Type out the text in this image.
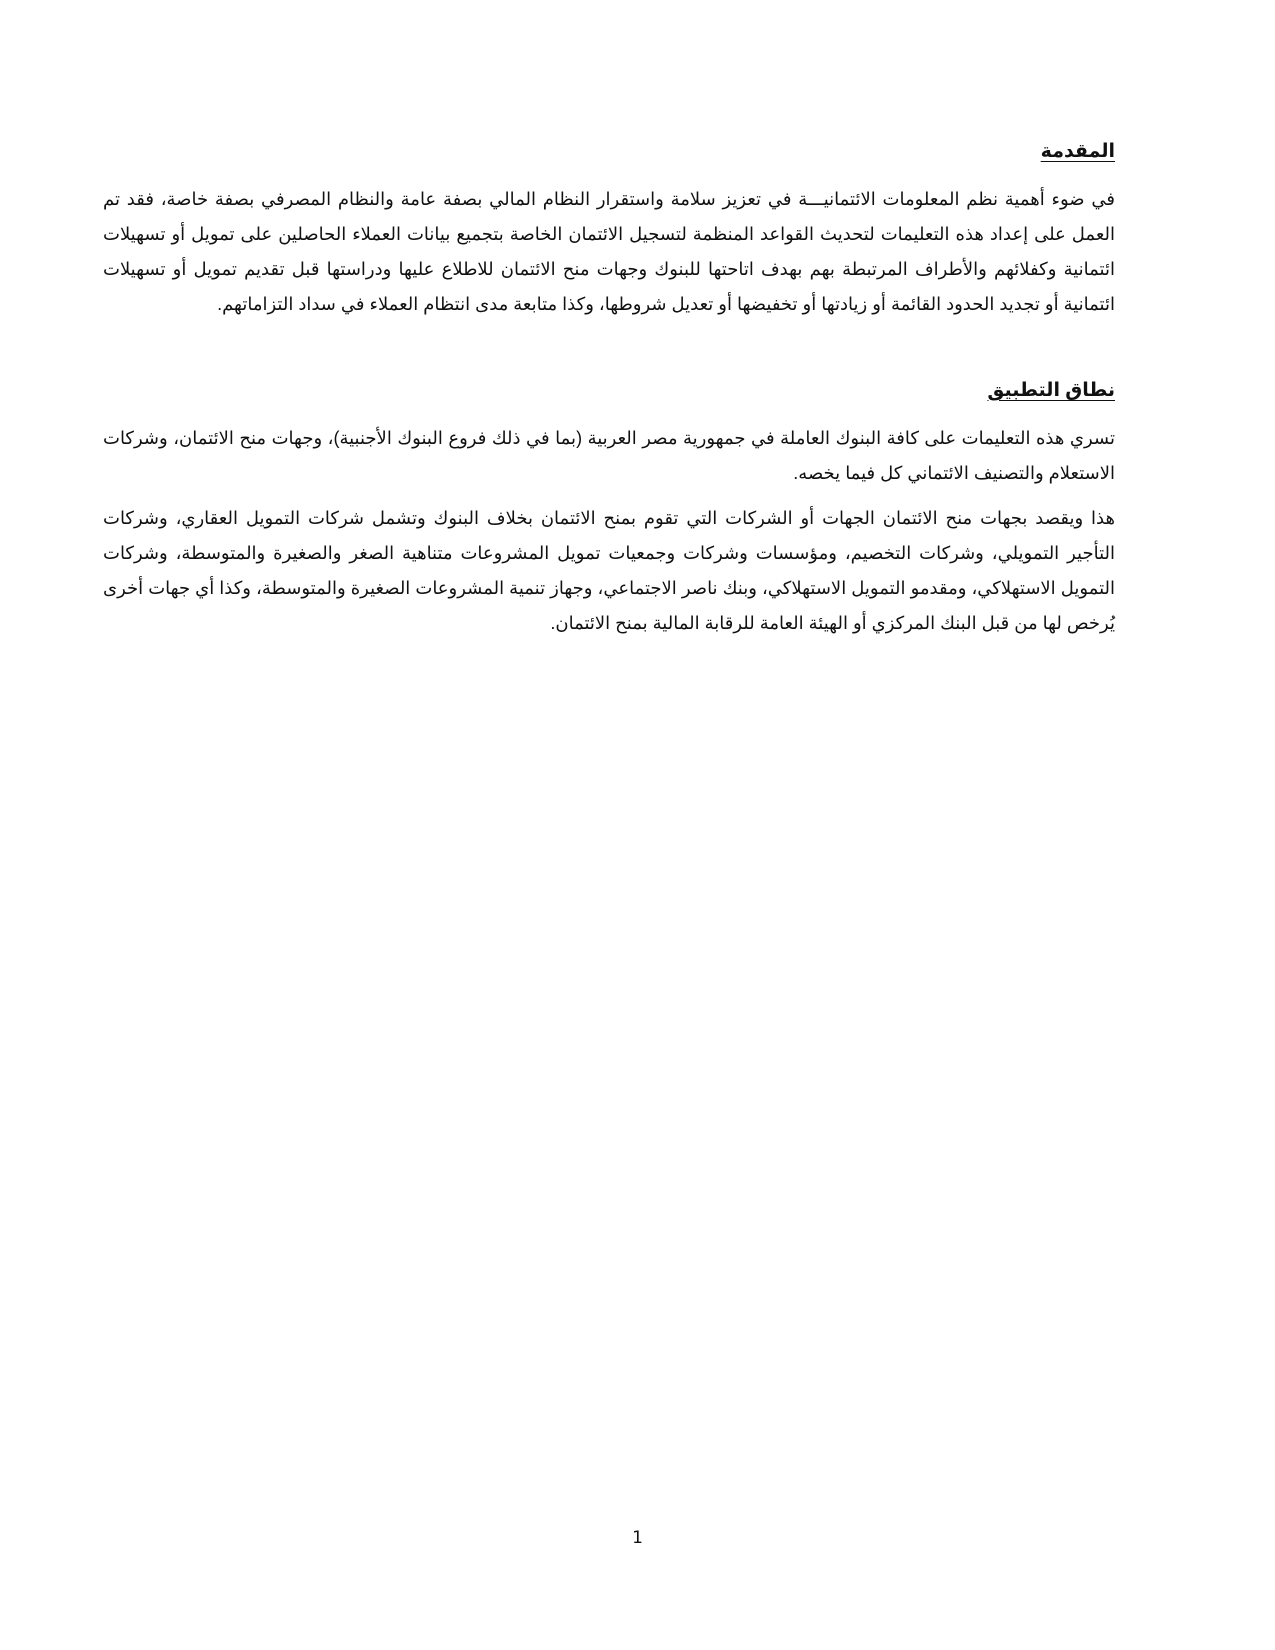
المقدمة

في ضوء أهمية نظم المعلومات الائتمانيـــة في تعزيز سلامة واستقرار النظام المالي بصفة عامة والنظام المصرفي بصفة خاصة، فقد تم العمل على إعداد هذه التعليمات لتحديث القواعد المنظمة لتسجيل الائتمان الخاصة بتجميع بيانات العملاء الحاصلين على تمويل أو تسهيلات ائتمانية وكفلائهم والأطراف المرتبطة بهم بهدف اتاحتها للبنوك وجهات منح الائتمان للاطلاع عليها ودراستها قبل تقديم تمويل أو تسهيلات ائتمانية أو تجديد الحدود القائمة أو زيادتها أو تخفيضها أو تعديل شروطها، وكذا متابعة مدى انتظام العملاء في سداد التزاماتهم.

نطاق التطبيق

تسري هذه التعليمات على كافة البنوك العاملة في جمهورية مصر العربية (بما في ذلك فروع البنوك الأجنبية)، وجهات منح الائتمان، وشركات الاستعلام والتصنيف الائتماني كل فيما يخصه.

هذا ويقصد بجهات منح الائتمان الجهات أو الشركات التي تقوم بمنح الائتمان بخلاف البنوك وتشمل شركات التمويل العقاري، وشركات التأجير التمويلي، وشركات التخصيم، ومؤسسات وشركات وجمعيات تمويل المشروعات متناهية الصغر والصغيرة والمتوسطة، وشركات التمويل الاستهلاكي، ومقدمو التمويل الاستهلاكي، وبنك ناصر الاجتماعي، وجهاز تنمية المشروعات الصغيرة والمتوسطة، وكذا أي جهات أخرى يُرخص لها من قبل البنك المركزي أو الهيئة العامة للرقابة المالية بمنح الائتمان.

1
